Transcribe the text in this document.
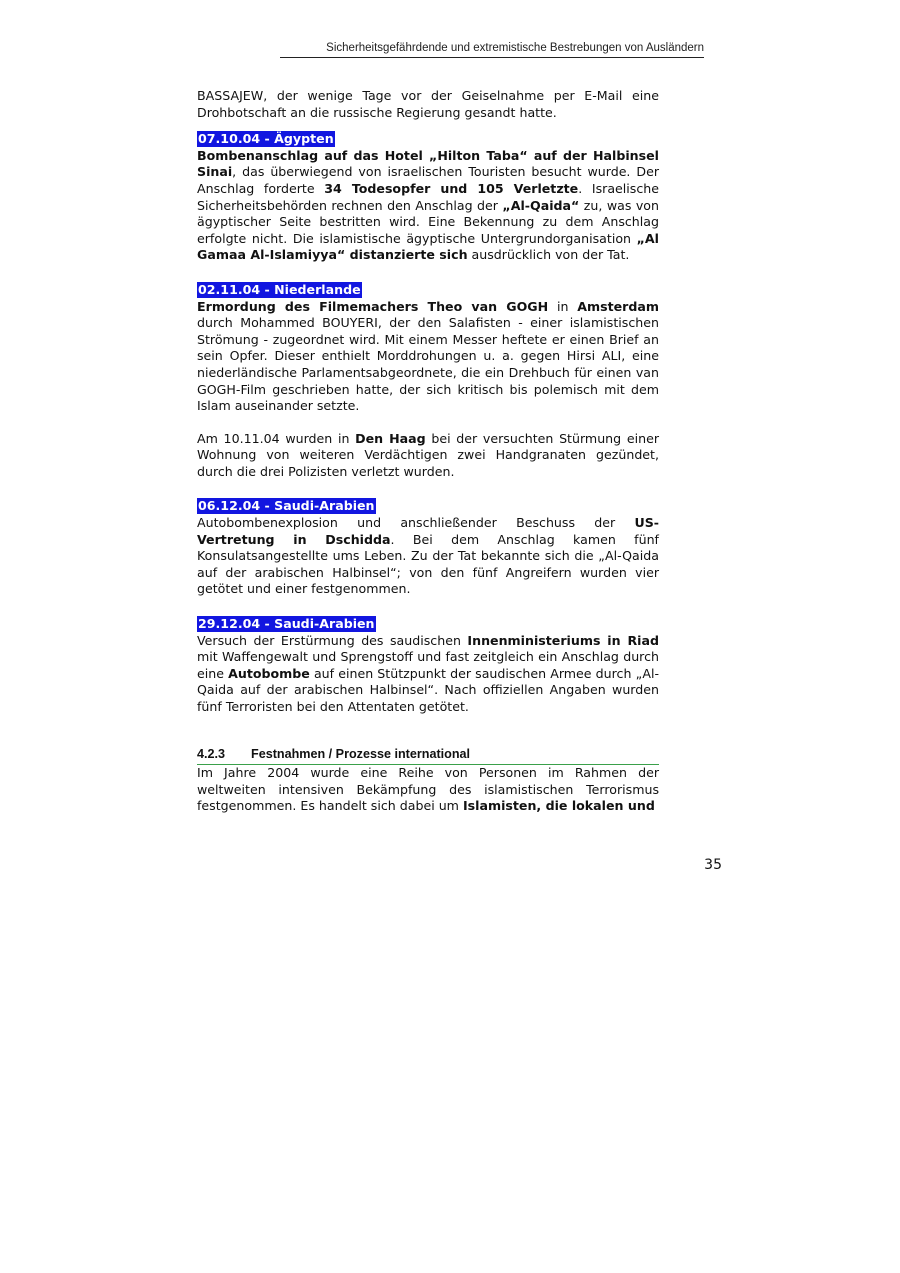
Sicherheitsgefährdende und extremistische Bestrebungen von Ausländern

BASSAJEW, der wenige Tage vor der Geiselnahme per E-Mail eine Drohbotschaft an die russische Regierung gesandt hatte.

07.10.04 - Ägypten

Bombenanschlag auf das Hotel „Hilton Taba“ auf der Halbinsel Sinai, das überwiegend von israelischen Touristen besucht wurde. Der Anschlag forderte 34 Todesopfer und 105 Verletzte. Israelische Sicherheitsbehörden rechnen den Anschlag der „Al-Qaida“ zu, was von ägyptischer Seite bestritten wird. Eine Bekennung zu dem Anschlag erfolgte nicht. Die islamistische ägyptische Untergrundorganisation „Al Gamaa Al-Islamiyya“ distanzierte sich ausdrücklich von der Tat.

02.11.04 - Niederlande

Ermordung des Filmemachers Theo van GOGH in Amsterdam durch Mohammed BOUYERI, der den Salafisten - einer islamistischen Strömung - zugeordnet wird. Mit einem Messer heftete er einen Brief an sein Opfer. Dieser enthielt Morddrohungen u. a. gegen Hirsi ALI, eine niederländische Parlamentsabgeordnete, die ein Drehbuch für einen van GOGH-Film geschrieben hatte, der sich kritisch bis polemisch mit dem Islam auseinander setzte.

Am 10.11.04 wurden in Den Haag bei der versuchten Stürmung einer Wohnung von weiteren Verdächtigen zwei Handgranaten gezündet, durch die drei Polizisten verletzt wurden.

06.12.04 - Saudi-Arabien

Autobombenexplosion und anschließender Beschuss der US-Vertretung in Dschidda. Bei dem Anschlag kamen fünf Konsulatsangestellte ums Leben. Zu der Tat bekannte sich die „Al-Qaida auf der arabischen Halbinsel“; von den fünf Angreifern wurden vier getötet und einer festgenommen.

29.12.04 - Saudi-Arabien

Versuch der Erstürmung des saudischen Innenministeriums in Riad mit Waffengewalt und Sprengstoff und fast zeitgleich ein Anschlag durch eine Autobombe auf einen Stützpunkt der saudischen Armee durch „Al-Qaida auf der arabischen Halbinsel“. Nach offiziellen Angaben wurden fünf Terroristen bei den Attentaten getötet.

4.2.3	Festnahmen / Prozesse international

Im Jahre 2004 wurde eine Reihe von Personen im Rahmen der weltweiten intensiven Bekämpfung des islamistischen Terrorismus festgenommen. Es handelt sich dabei um Islamisten, die lokalen und

35
